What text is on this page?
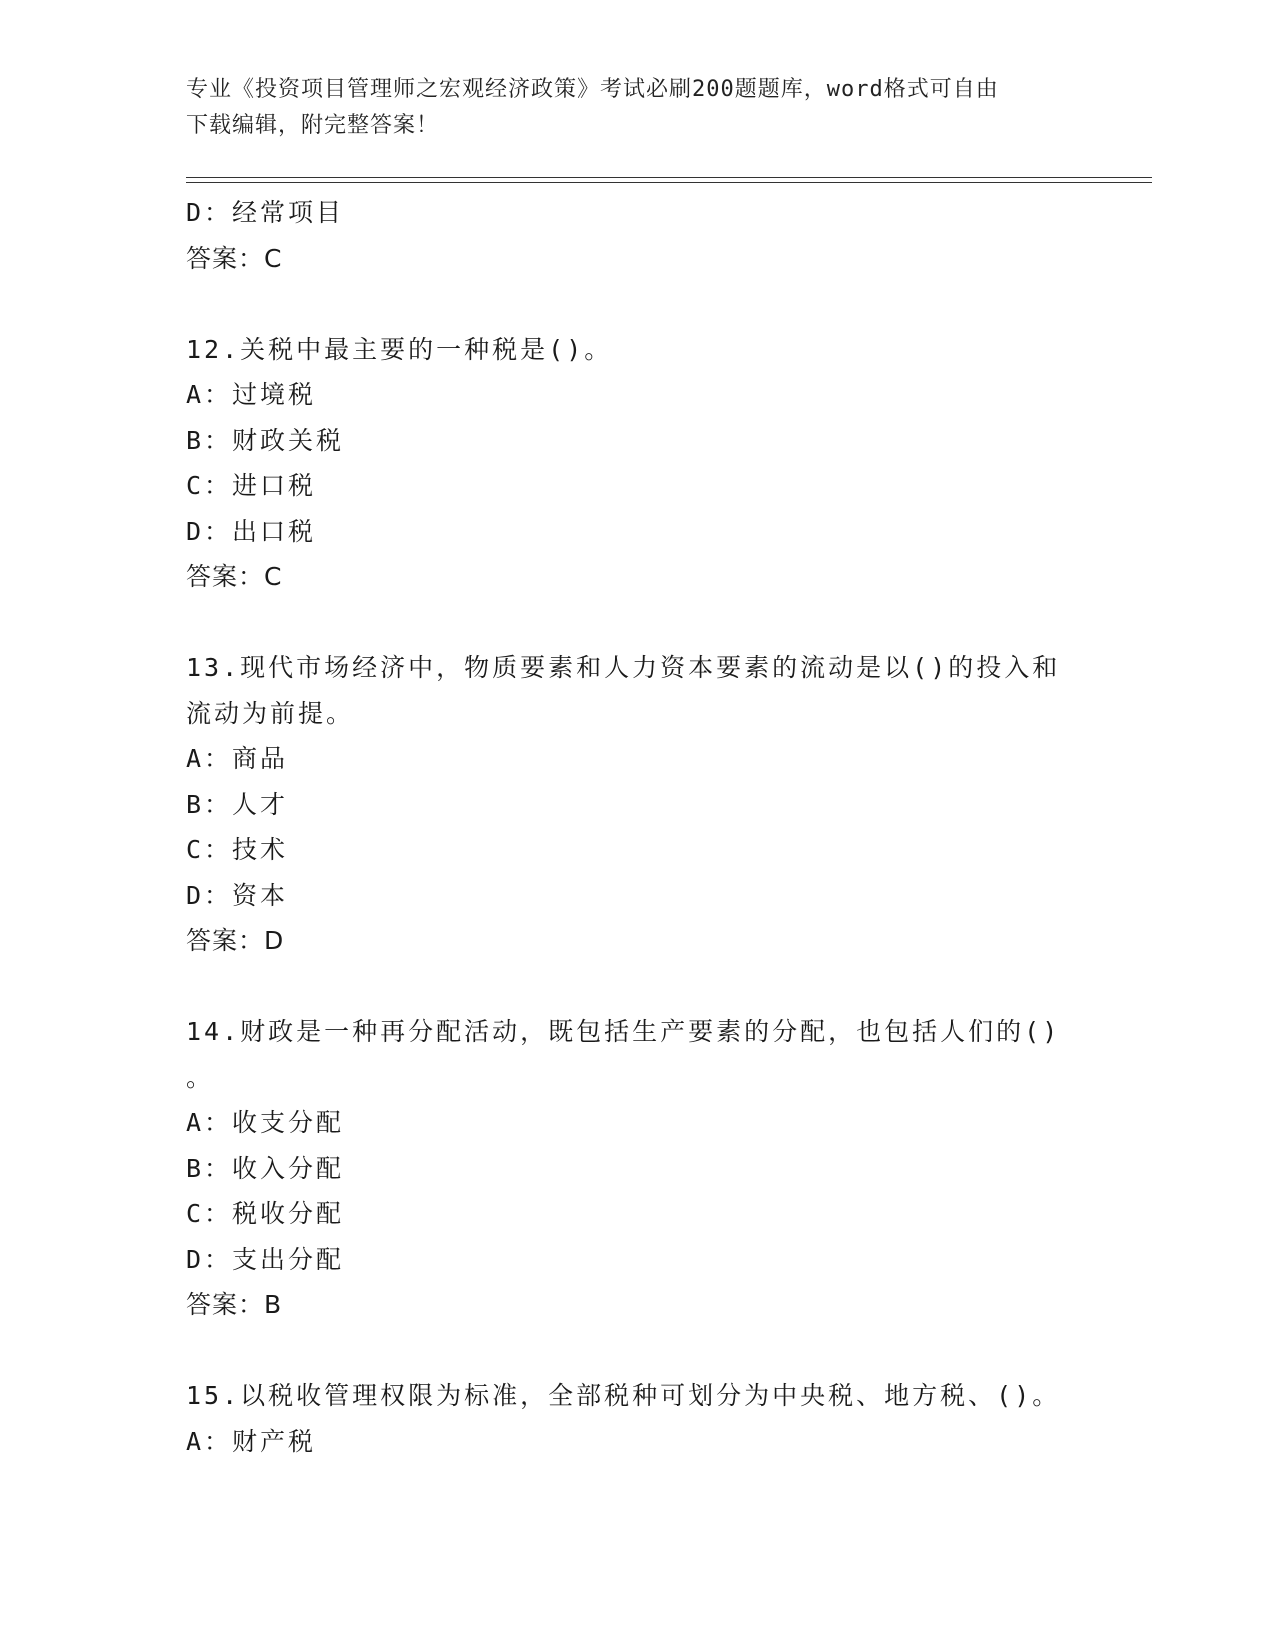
专业《投资项目管理师之宏观经济政策》考试必刷200题题库，word格式可自由
下载编辑，附完整答案！
D：经常项目
答案：C
12.关税中最主要的一种税是()。
A：过境税
B：财政关税
C：进口税
D：出口税
答案：C
13.现代市场经济中，物质要素和人力资本要素的流动是以()的投入和
流动为前提。
A：商品
B：人才
C：技术
D：资本
答案：D
14.财政是一种再分配活动，既包括生产要素的分配，也包括人们的()
。
A：收支分配
B：收入分配
C：税收分配
D：支出分配
答案：B
15.以税收管理权限为标准，全部税种可划分为中央税、地方税、()。
A：财产税
